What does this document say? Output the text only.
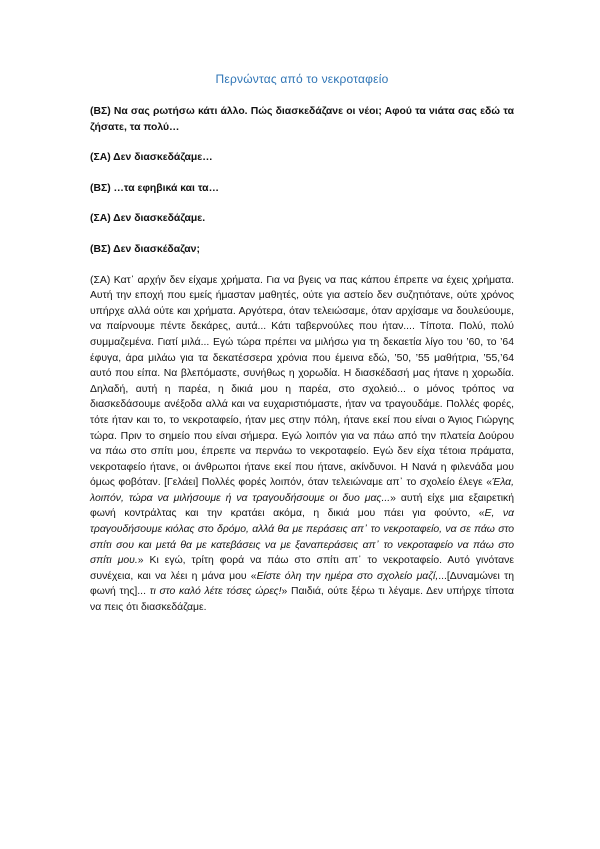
Περνώντας από το νεκροταφείο

(ΒΣ) Να σας ρωτήσω κάτι άλλο. Πώς διασκεδάζανε οι νέοι; Αφού τα νιάτα σας εδώ τα ζήσατε, τα πολύ…

(ΣΑ) Δεν διασκεδάζαμε…

(ΒΣ) …τα εφηβικά και τα…

(ΣΑ) Δεν διασκεδάζαμε.

(ΒΣ) Δεν διασκέδαζαν;

(ΣΑ) Κατ᾽ αρχήν δεν είχαμε χρήματα. Για να βγεις να πας κάπου έπρεπε να έχεις χρήματα. Αυτή την εποχή που εμείς ήμασταν μαθητές, ούτε για αστείο δεν συζητιότανε, ούτε χρόνος υπήρχε αλλά ούτε και χρήματα. Αργότερα, όταν τελειώσαμε, όταν αρχίσαμε να δουλεύουμε, να παίρνουμε πέντε δεκάρες, αυτά... Κάτι ταβερνούλες που ήταν.... Τίποτα. Πολύ, πολύ συμμαζεμένα. Γιατί μιλά... Εγώ τώρα πρέπει να μιλήσω για τη δεκαετία λίγο του ’60, το ’64 έφυγα, άρα μιλάω για τα δεκατέσσερα χρόνια που έμεινα εδώ, ’50, ’55 μαθήτρια, ’55,’64 αυτό που είπα. Να βλεπόμαστε, συνήθως η χορωδία. Η διασκέδασή μας ήτανε η χορωδία. Δηλαδή, αυτή η παρέα, η δικιά μου η παρέα, στο σχολειό... ο μόνος τρόπος να διασκεδάσουμε ανέξοδα αλλά και να ευχαριστιόμαστε, ήταν να τραγουδάμε. Πολλές φορές, τότε ήταν και το, το νεκροταφείο, ήταν μες στην πόλη, ήτανε εκεί που είναι ο Άγιος Γιώργης τώρα. Πριν το σημείο που είναι σήμερα. Εγώ λοιπόν για να πάω από την πλατεία Δούρου να πάω στο σπίτι μου, έπρεπε να περνάω το νεκροταφείο. Εγώ δεν είχα τέτοια πράματα, νεκροταφείο ήτανε, οι άνθρωποι ήτανε εκεί που ήτανε, ακίνδυνοι. Η Νανά η φιλενάδα μου όμως φοβόταν. [Γελάει] Πολλές φορές λοιπόν, όταν τελειώναμε απ᾽ το σχολείο έλεγε «Έλα, λοιπόν, τώρα να μιλήσουμε ή να τραγουδήσουμε οι δυο μας...» αυτή είχε μια εξαιρετική φωνή κοντράλτας και την κρατάει ακόμα, η δικιά μου πάει για φούντο, «Ε, να τραγουδήσουμε κιόλας στο δρόμο, αλλά θα με περάσεις απ᾽ το νεκροταφείο, να σε πάω στο σπίτι σου και μετά θα με κατεβάσεις να με ξαναπεράσεις απ᾽ το νεκροταφείο να πάω στο σπίτι μου.» Κι εγώ, τρίτη φορά να πάω στο σπίτι απ᾽ το νεκροταφείο. Αυτό γινότανε συνέχεια, και να λέει η μάνα μου «Είστε όλη την ημέρα στο σχολείο μαζί,...[Δυναμώνει τη φωνή της]... τι στο καλό λέτε τόσες ώρες!» Παιδιά, ούτε ξέρω τι λέγαμε. Δεν υπήρχε τίποτα να πεις ότι διασκεδάζαμε.
